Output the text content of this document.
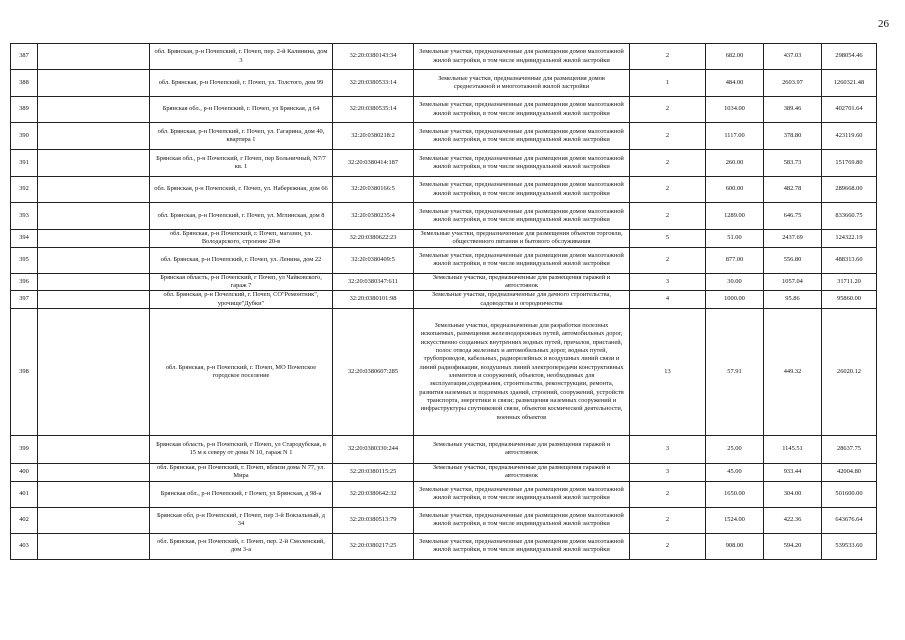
26
387		обл. Брянская, р-н Почепский, г. Почеп, пер. 2-й Калинина, дом 3	32:20:0380143:34	Земельные участки, предназначенные для размещения домов малоэтажной жилой застройки, в том числе индивидуальной жилой застройки	2	682.00	437.03	298054.46
388		обл. Брянская, р-н Почепский, г. Почеп, ул. Толстого, дом 99	32:20:0380533:14	Земельные участки, предназначенные для размещения домов среднеэтажной и многоэтажной жилой застройки	1	484.00	2603.97	1260321.48
389		Брянская обл., р-н Почепский, г. Почеп, ул Брянская, д 64	32:20:0380535:14	Земельные участки, предназначенные для размещения домов малоэтажной жилой застройки, в том числе индивидуальной жилой застройки	2	1034.00	389.46	402701.64
390		обл. Брянская, р-н Почепский, г. Почеп, ул. Гагарина, дом 40, квартира 1	32:20:0380218:2	Земельные участки, предназначенные для размещения домов малоэтажной жилой застройки, в том числе индивидуальной жилой застройки	2	1117.00	378.80	423119.60
391		Брянская обл., р-н Почепский, г Почеп, пер Больничный, N7/7 кв. 1	32:20:0380414:187	Земельные участки, предназначенные для размещения домов малоэтажной жилой застройки, в том числе индивидуальной жилой застройки	2	260.00	583.73	151769.80
392		обл. Брянская, р-н Почепский, г. Почеп, ул. Набережная, дом 66	32:20:0380166:5	Земельные участки, предназначенные для размещения домов малоэтажной жилой застройки, в том числе индивидуальной жилой застройки	2	600.00	482.78	289668.00
393		обл. Брянская, р-н Почепский, г. Почеп, ул. Мглинская, дом 8	32:20:0380235:4	Земельные участки, предназначенные для размещения домов малоэтажной жилой застройки, в том числе индивидуальной жилой застройки	2	1289.00	646.75	833660.75
394		обл. Брянская, р-н Почепский, г. Почеп, магазин, ул. Володарского, строение 20-в	32:20:0380622:23	Земельные участки, предназначенные для размещения объектов торговли, общественного питания и бытового обслуживания	5	51.00	2437.69	124322.19
395		обл. Брянская, р-н Почепский, г. Почеп, ул. Ленина, дом 22	32:20:0380409:5	Земельные участки, предназначенные для размещения домов малоэтажной жилой застройки, в том числе индивидуальной жилой застройки	2	877.00	556.80	488313.60
396		Брянская область, р-н Почепский, г Почеп, ул Чайковского, гараж 7	32:20:0380347:611	Земельные участки, предназначенные для размещения гаражей и автостоянок	3	30.00	1057.04	31711.20
397		обл. Брянская, р-н Почепский, г. Почеп, СО"Ремонтник", урочище"Дубки"	32:20:0380101:98	Земельные участки, предназначенные для дачного строительства, садоводства и огородничества	4	1000.00	95.86	95860.00
398		обл. Брянская, р-н Почепский, г. Почеп, МО Почепское городское поселение	32:20:0380607:285	Земельные участки, предназначенные для разработки полезных ископаемых, размещения железнодорожных путей, автомобильных дорог, искусственно созданных внутренних водных путей, причалов, пристаней, полос отвода железных и автомобильных дорог, водных путей, трубопроводов, кабельных, радиорелейных и воздушных линий связи и линий радиофикации, воздушных линий электропередачи конструктивных элементов и сооружений, объектов, необходимых для эксплуатации,содержания, строительства, реконструкции, ремонта, развития наземных и подземных зданий, строений, сооружений, устройств транспорта, энергетики и связи; размещения наземных сооружений и инфраструктуры спутниковой связи, объектов космической деятельности, военных объектов	13	57.91	449.32	26020.12
399		Брянская область, р-н Почепский, г Почеп, ул Стародубская, в 15 м к северу от дома N 10, гараж N 1	32:20:0380330:244	Земельные участки, предназначенные для размещения гаражей и автостоянок	3	25.00	1145.51	28637.75
400		обл. Брянская, р-н Почепский, г. Почеп, вблизи дома N 77, ул. Мира	32:20:0380115:25	Земельные участки, предназначенные для размещения гаражей и автостоянок	3	45.00	933.44	42004.80
401		Брянская обл., р-н Почепский, г Почеп, ул Брянская, д 98-а	32:20:0380642:32	Земельные участки, предназначенные для размещения домов малоэтажной жилой застройки, в том числе индивидуальной жилой застройки	2	1650.00	304.00	501600.00
402		Брянская обл, р-н Почепский, г Почеп, пер 3-й Вокзальный, д 34	32:20:0380513:79	Земельные участки, предназначенные для размещения домов малоэтажной жилой застройки, в том числе индивидуальной жилой застройки	2	1524.00	422.36	643676.64
403		обл. Брянская, р-н Почепский, г. Почеп, пер. 2-й Смоленский, дом 3-а	32:20:0380217:25	Земельные участки, предназначенные для размещения домов малоэтажной жилой застройки, в том числе индивидуальной жилой застройки	2	908.00	594.20	539533.60
